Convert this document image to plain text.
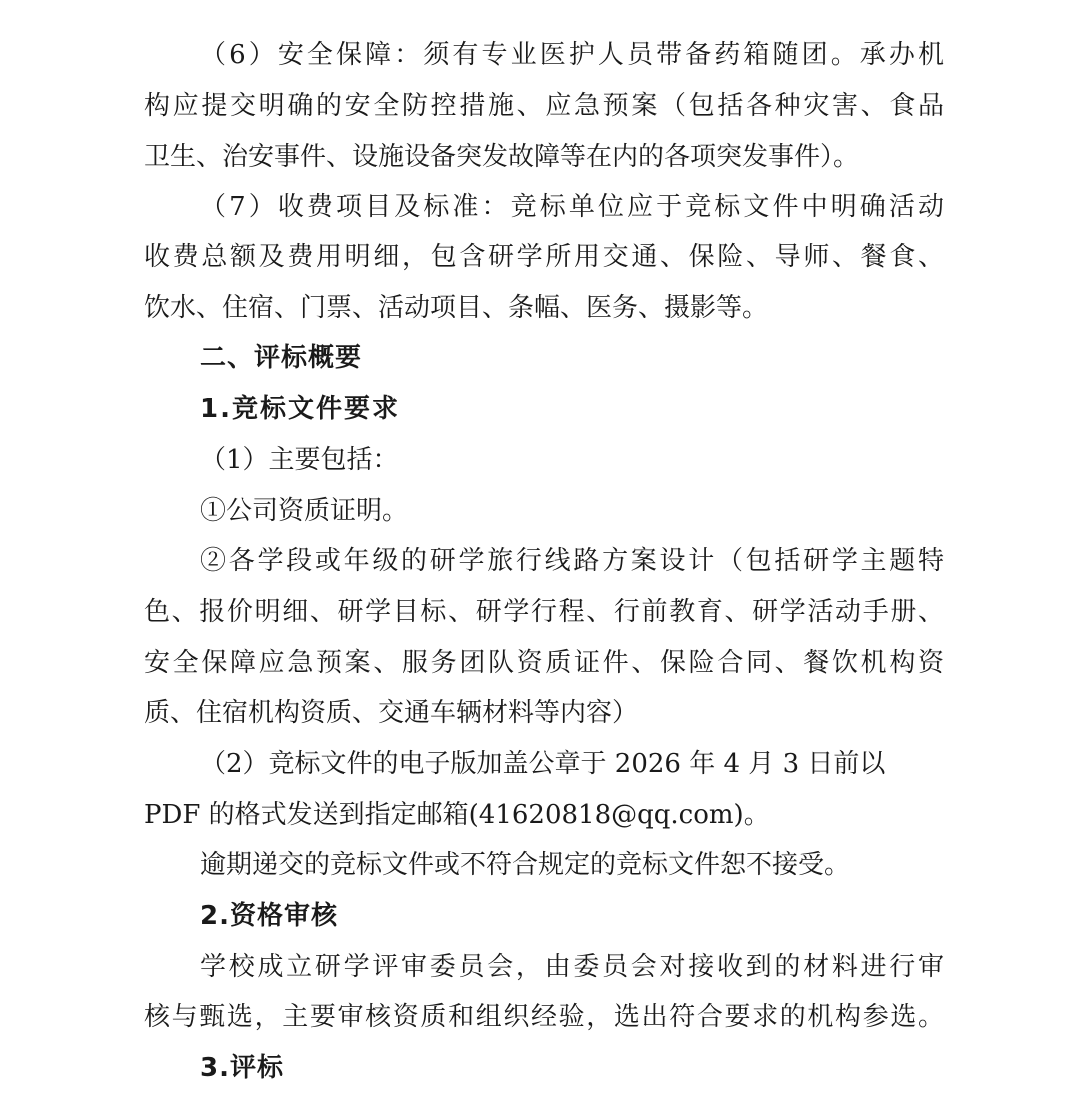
（6）安全保障：须有专业医护人员带备药箱随团。承办机
构应提交明确的安全防控措施、应急预案（包括各种灾害、食品
卫生、治安事件、设施设备突发故障等在内的各项突发事件）。
（7）收费项目及标准：竞标单位应于竞标文件中明确活动
收费总额及费用明细，包含研学所用交通、保险、导师、餐食、
饮水、住宿、门票、活动项目、条幅、医务、摄影等。
二、评标概要
1.竞标文件要求
（1）主要包括：
①公司资质证明。
②各学段或年级的研学旅行线路方案设计（包括研学主题特
色、报价明细、研学目标、研学行程、行前教育、研学活动手册、
安全保障应急预案、服务团队资质证件、保险合同、餐饮机构资
质、住宿机构资质、交通车辆材料等内容）
（2）竞标文件的电子版加盖公章于 2026 年 4 月 3 日前以
PDF 的格式发送到指定邮箱(41620818@qq.com)。
逾期递交的竞标文件或不符合规定的竞标文件恕不接受。
2.资格审核
学校成立研学评审委员会，由委员会对接收到的材料进行审
核与甄选，主要审核资质和组织经验，选出符合要求的机构参选。
3.评标
